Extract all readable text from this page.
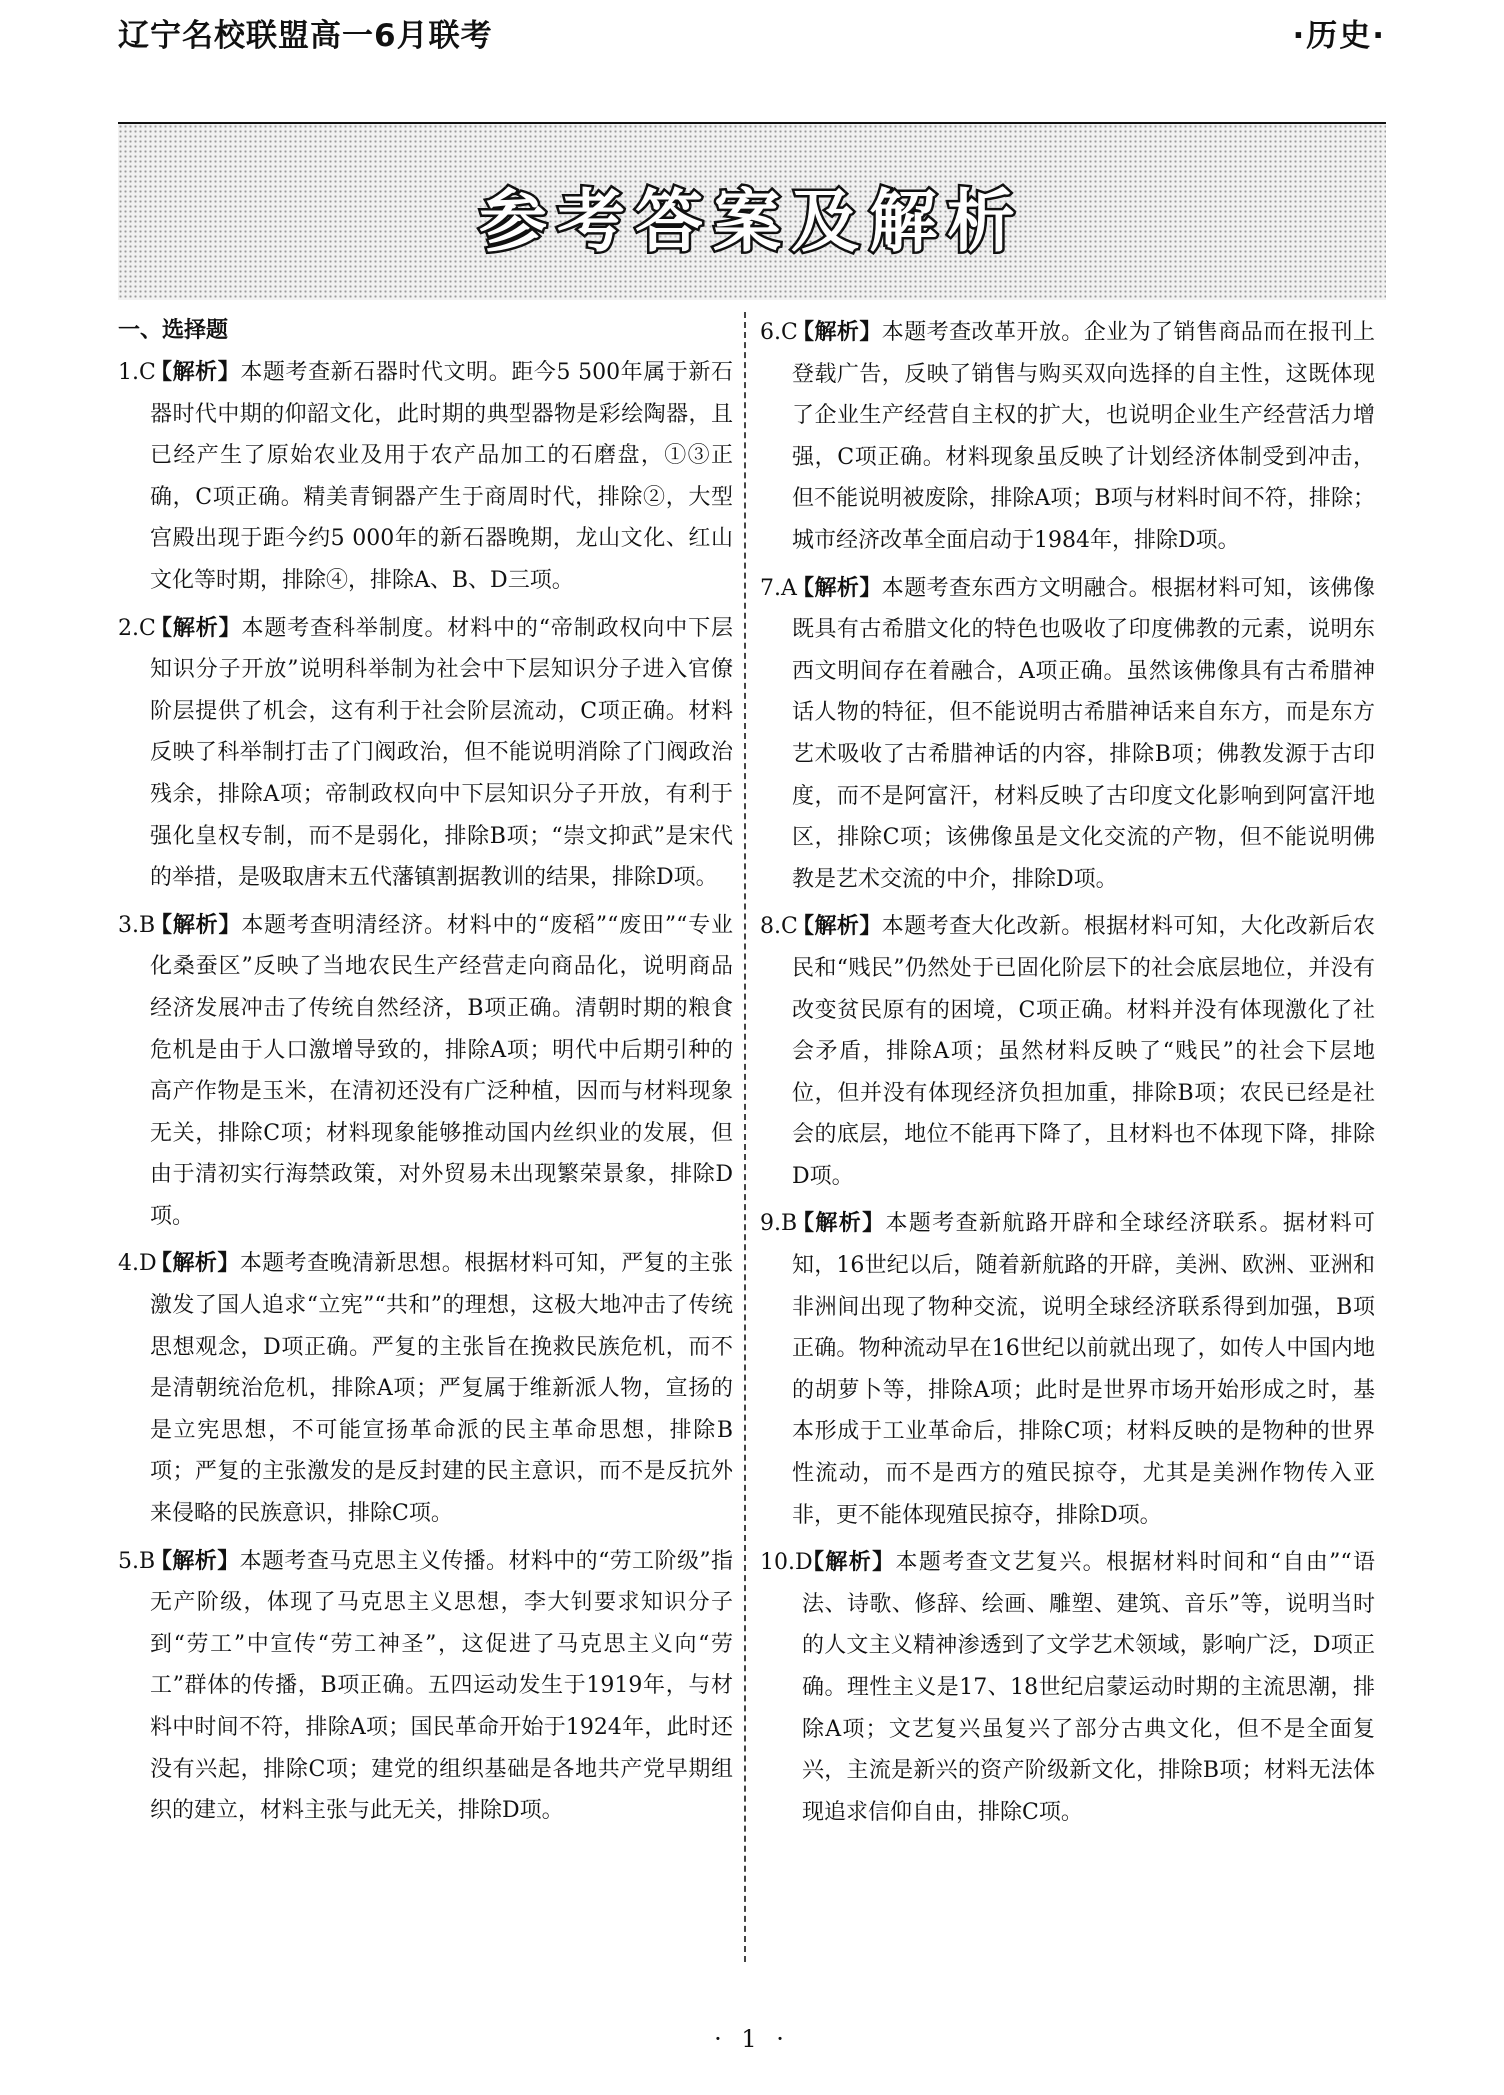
辽宁名校联盟高一6月联考	·历史·
参考答案及解析
一、选择题
1.C
【解析】本题考查新石器时代文明。距今5 500年属于新石器时代中期的仰韶文化，此时期的典型器物是彩绘陶器，且已经产生了原始农业及用于农产品加工的石磨盘，①③正确，C项正确。精美青铜器产生于商周时代，排除②，大型宫殿出现于距今约5 000年的新石器晚期，龙山文化、红山文化等时期，排除④，排除A、B、D三项。
2.C
【解析】本题考查科举制度。材料中的“帝制政权向中下层知识分子开放”说明科举制为社会中下层知识分子进入官僚阶层提供了机会，这有利于社会阶层流动，C项正确。材料反映了科举制打击了门阀政治，但不能说明消除了门阀政治残余，排除A项；帝制政权向中下层知识分子开放，有利于强化皇权专制，而不是弱化，排除B项；“崇文抑武”是宋代的举措，是吸取唐末五代藩镇割据教训的结果，排除D项。
3.B
【解析】本题考查明清经济。材料中的“废稻”“废田”“专业化桑蚕区”反映了当地农民生产经营走向商品化，说明商品经济发展冲击了传统自然经济，B项正确。清朝时期的粮食危机是由于人口激增导致的，排除A项；明代中后期引种的高产作物是玉米，在清初还没有广泛种植，因而与材料现象无关，排除C项；材料现象能够推动国内丝织业的发展，但由于清初实行海禁政策，对外贸易未出现繁荣景象，排除D项。
4.D
【解析】本题考查晚清新思想。根据材料可知，严复的主张激发了国人追求“立宪”“共和”的理想，这极大地冲击了传统思想观念，D项正确。严复的主张旨在挽救民族危机，而不是清朝统治危机，排除A项；严复属于维新派人物，宣扬的是立宪思想，不可能宣扬革命派的民主革命思想，排除B项；严复的主张激发的是反封建的民主意识，而不是反抗外来侵略的民族意识，排除C项。
5.B
【解析】本题考查马克思主义传播。材料中的“劳工阶级”指无产阶级，体现了马克思主义思想，李大钊要求知识分子到“劳工”中宣传“劳工神圣”，这促进了马克思主义向“劳工”群体的传播，B项正确。五四运动发生于1919年，与材料中时间不符，排除A项；国民革命开始于1924年，此时还没有兴起，排除C项；建党的组织基础是各地共产党早期组织的建立，材料主张与此无关，排除D项。
6.C
【解析】本题考查改革开放。企业为了销售商品而在报刊上登载广告，反映了销售与购买双向选择的自主性，这既体现了企业生产经营自主权的扩大，也说明企业生产经营活力增强，C项正确。材料现象虽反映了计划经济体制受到冲击，但不能说明被废除，排除A项；B项与材料时间不符，排除；城市经济改革全面启动于1984年，排除D项。
7.A
【解析】本题考查东西方文明融合。根据材料可知，该佛像既具有古希腊文化的特色也吸收了印度佛教的元素，说明东西文明间存在着融合，A项正确。虽然该佛像具有古希腊神话人物的特征，但不能说明古希腊神话来自东方，而是东方艺术吸收了古希腊神话的内容，排除B项；佛教发源于古印度，而不是阿富汗，材料反映了古印度文化影响到阿富汗地区，排除C项；该佛像虽是文化交流的产物，但不能说明佛教是艺术交流的中介，排除D项。
8.C
【解析】本题考查大化改新。根据材料可知，大化改新后农民和“贱民”仍然处于已固化阶层下的社会底层地位，并没有改变贫民原有的困境，C项正确。材料并没有体现激化了社会矛盾，排除A项；虽然材料反映了“贱民”的社会下层地位，但并没有体现经济负担加重，排除B项；农民已经是社会的底层，地位不能再下降了，且材料也不体现下降，排除D项。
9.B
【解析】本题考查新航路开辟和全球经济联系。据材料可知，16世纪以后，随着新航路的开辟，美洲、欧洲、亚洲和非洲间出现了物种交流，说明全球经济联系得到加强，B项正确。物种流动早在16世纪以前就出现了，如传人中国内地的胡萝卜等，排除A项；此时是世界市场开始形成之时，基本形成于工业革命后，排除C项；材料反映的是物种的世界性流动，而不是西方的殖民掠夺，尤其是美洲作物传入亚非，更不能体现殖民掠夺，排除D项。
10.D
【解析】本题考查文艺复兴。根据材料时间和“自由”“语法、诗歌、修辞、绘画、雕塑、建筑、音乐”等，说明当时的人文主义精神渗透到了文学艺术领域，影响广泛，D项正确。理性主义是17、18世纪启蒙运动时期的主流思潮，排除A项；文艺复兴虽复兴了部分古典文化，但不是全面复兴，主流是新兴的资产阶级新文化，排除B项；材料无法体现追求信仰自由，排除C项。
· 1 ·
